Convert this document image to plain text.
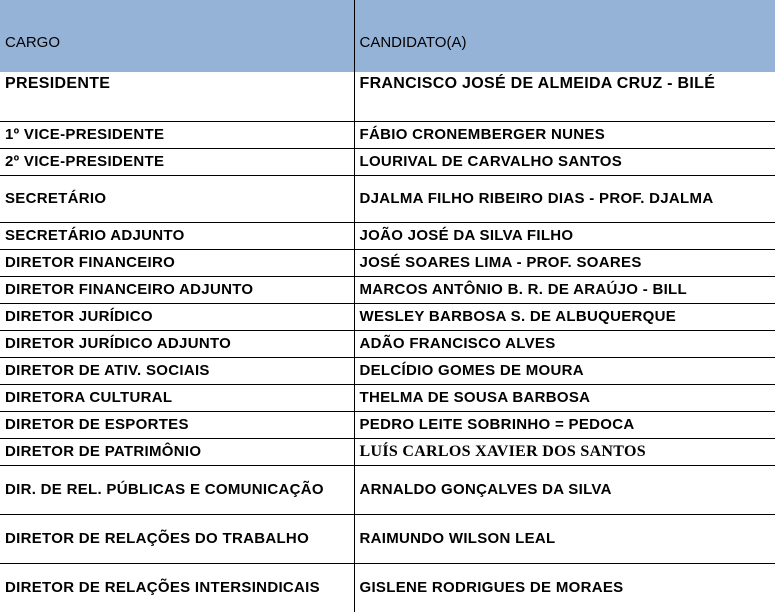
CARGO	CANDIDATO(A)
PRESIDENTE	FRANCISCO JOSÉ DE ALMEIDA CRUZ - BILÉ
1º VICE-PRESIDENTE	FÁBIO CRONEMBERGER NUNES
2º VICE-PRESIDENTE	LOURIVAL DE CARVALHO SANTOS
SECRETÁRIO	DJALMA FILHO RIBEIRO DIAS - PROF. DJALMA
SECRETÁRIO ADJUNTO	JOÃO JOSÉ DA SILVA FILHO
DIRETOR FINANCEIRO	JOSÉ SOARES LIMA - PROF. SOARES
DIRETOR FINANCEIRO ADJUNTO	MARCOS ANTÔNIO B. R. DE ARAÚJO - BILL
DIRETOR JURÍDICO	WESLEY BARBOSA S. DE ALBUQUERQUE
DIRETOR JURÍDICO ADJUNTO	ADÃO FRANCISCO ALVES
DIRETOR DE ATIV. SOCIAIS	DELCÍDIO GOMES DE MOURA
DIRETORA CULTURAL	THELMA DE SOUSA BARBOSA
DIRETOR DE ESPORTES	PEDRO LEITE SOBRINHO = PEDOCA
DIRETOR DE PATRIMÔNIO	LUÍS CARLOS XAVIER DOS SANTOS
DIR. DE REL. PÚBLICAS E COMUNICAÇÃO	ARNALDO GONÇALVES DA SILVA
DIRETOR DE RELAÇÕES DO TRABALHO	RAIMUNDO WILSON LEAL
DIRETOR DE RELAÇÕES INTERSINDICAIS	GISLENE RODRIGUES DE MORAES
